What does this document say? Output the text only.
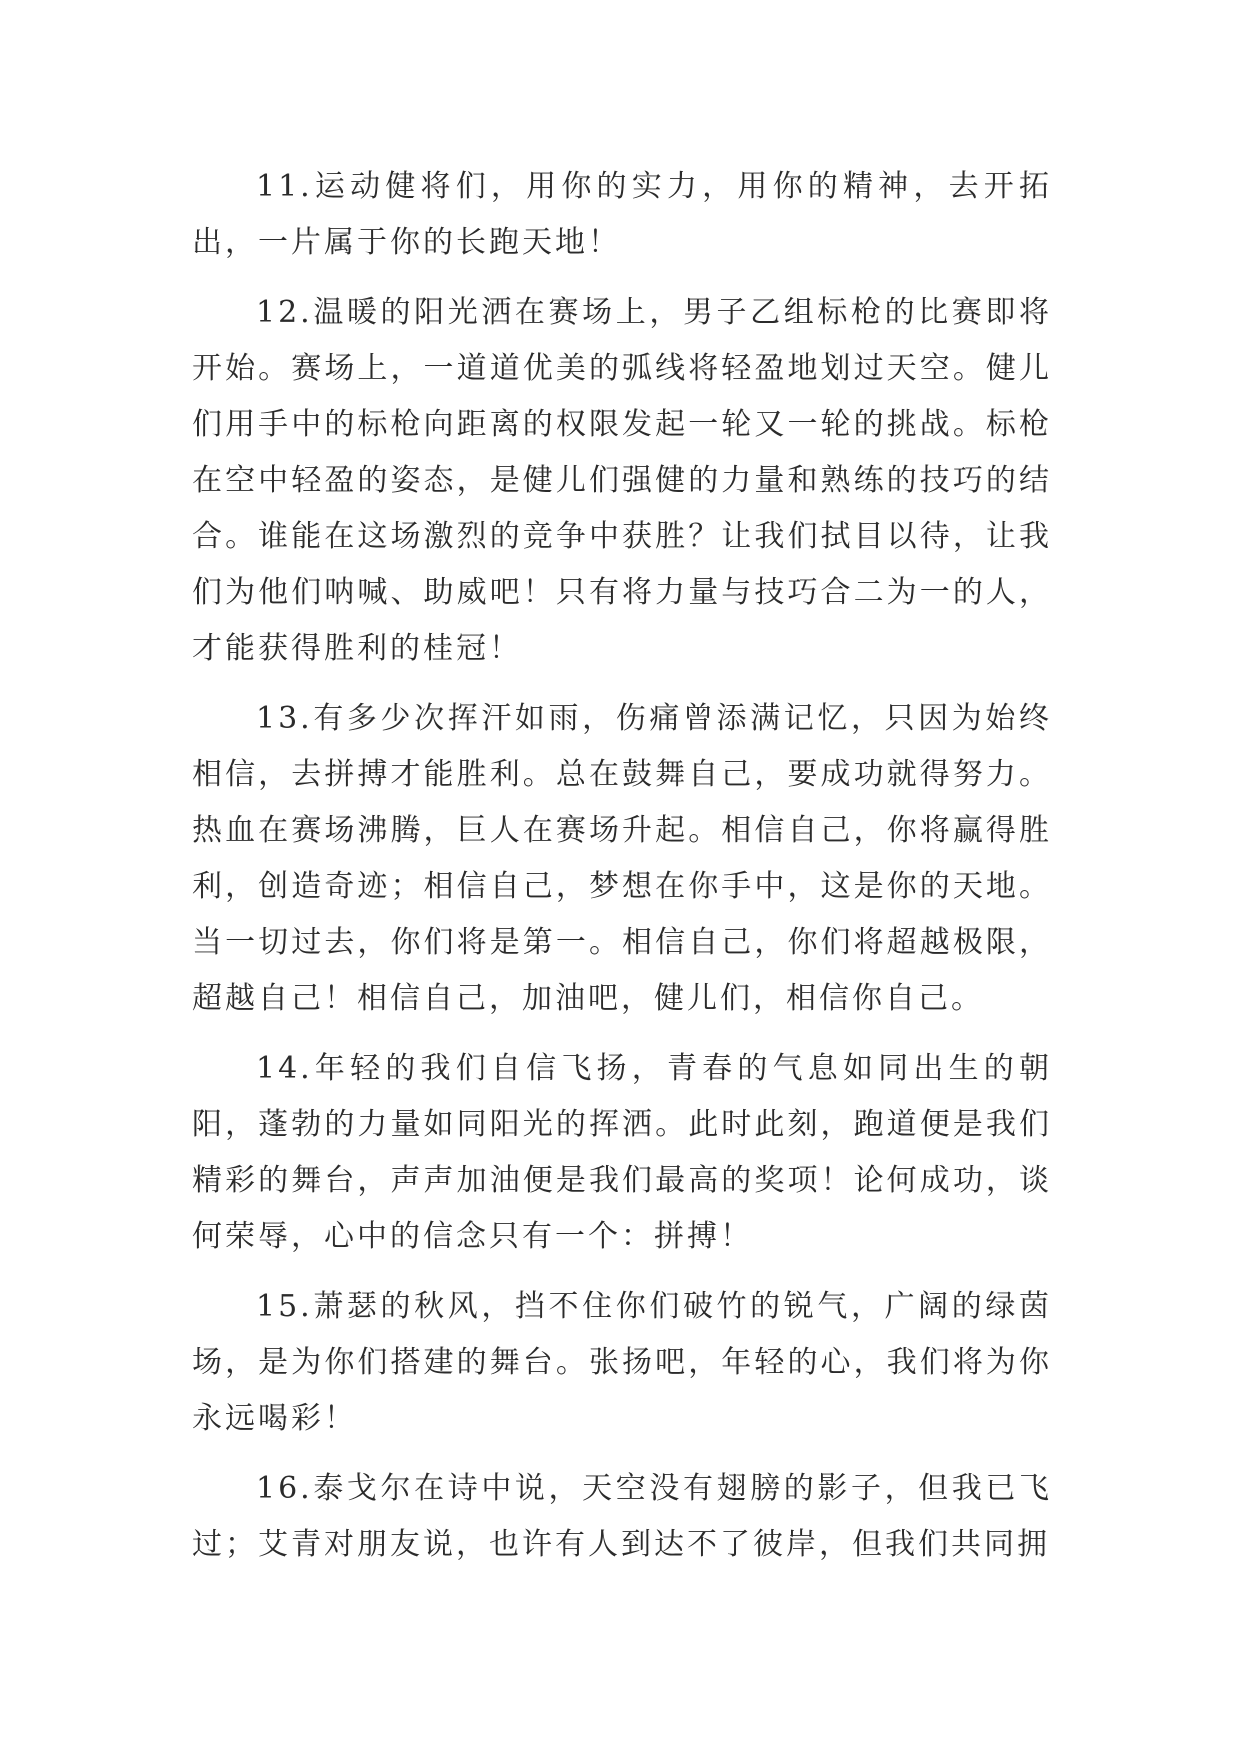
11.运动健将们，用你的实力，用你的精神，去开拓出，一片属于你的长跑天地！

12.温暖的阳光洒在赛场上，男子乙组标枪的比赛即将开始。赛场上，一道道优美的弧线将轻盈地划过天空。健儿们用手中的标枪向距离的权限发起一轮又一轮的挑战。标枪在空中轻盈的姿态，是健儿们强健的力量和熟练的技巧的结合。谁能在这场激烈的竞争中获胜？让我们拭目以待，让我们为他们呐喊、助威吧！只有将力量与技巧合二为一的人，才能获得胜利的桂冠！

13.有多少次挥汗如雨，伤痛曾添满记忆，只因为始终相信，去拼搏才能胜利。总在鼓舞自己，要成功就得努力。热血在赛场沸腾，巨人在赛场升起。相信自己，你将赢得胜利，创造奇迹；相信自己，梦想在你手中，这是你的天地。当一切过去，你们将是第一。相信自己，你们将超越极限，超越自己！相信自己，加油吧，健儿们，相信你自己。

14.年轻的我们自信飞扬，青春的气息如同出生的朝阳，蓬勃的力量如同阳光的挥洒。此时此刻，跑道便是我们精彩的舞台，声声加油便是我们最高的奖项！论何成功，谈何荣辱，心中的信念只有一个：拼搏！

15.萧瑟的秋风，挡不住你们破竹的锐气，广阔的绿茵场，是为你们搭建的舞台。张扬吧，年轻的心，我们将为你永远喝彩！

16.泰戈尔在诗中说，天空没有翅膀的影子，但我已飞过；艾青对朋友说，也许有人到达不了彼岸，但我们共同拥
